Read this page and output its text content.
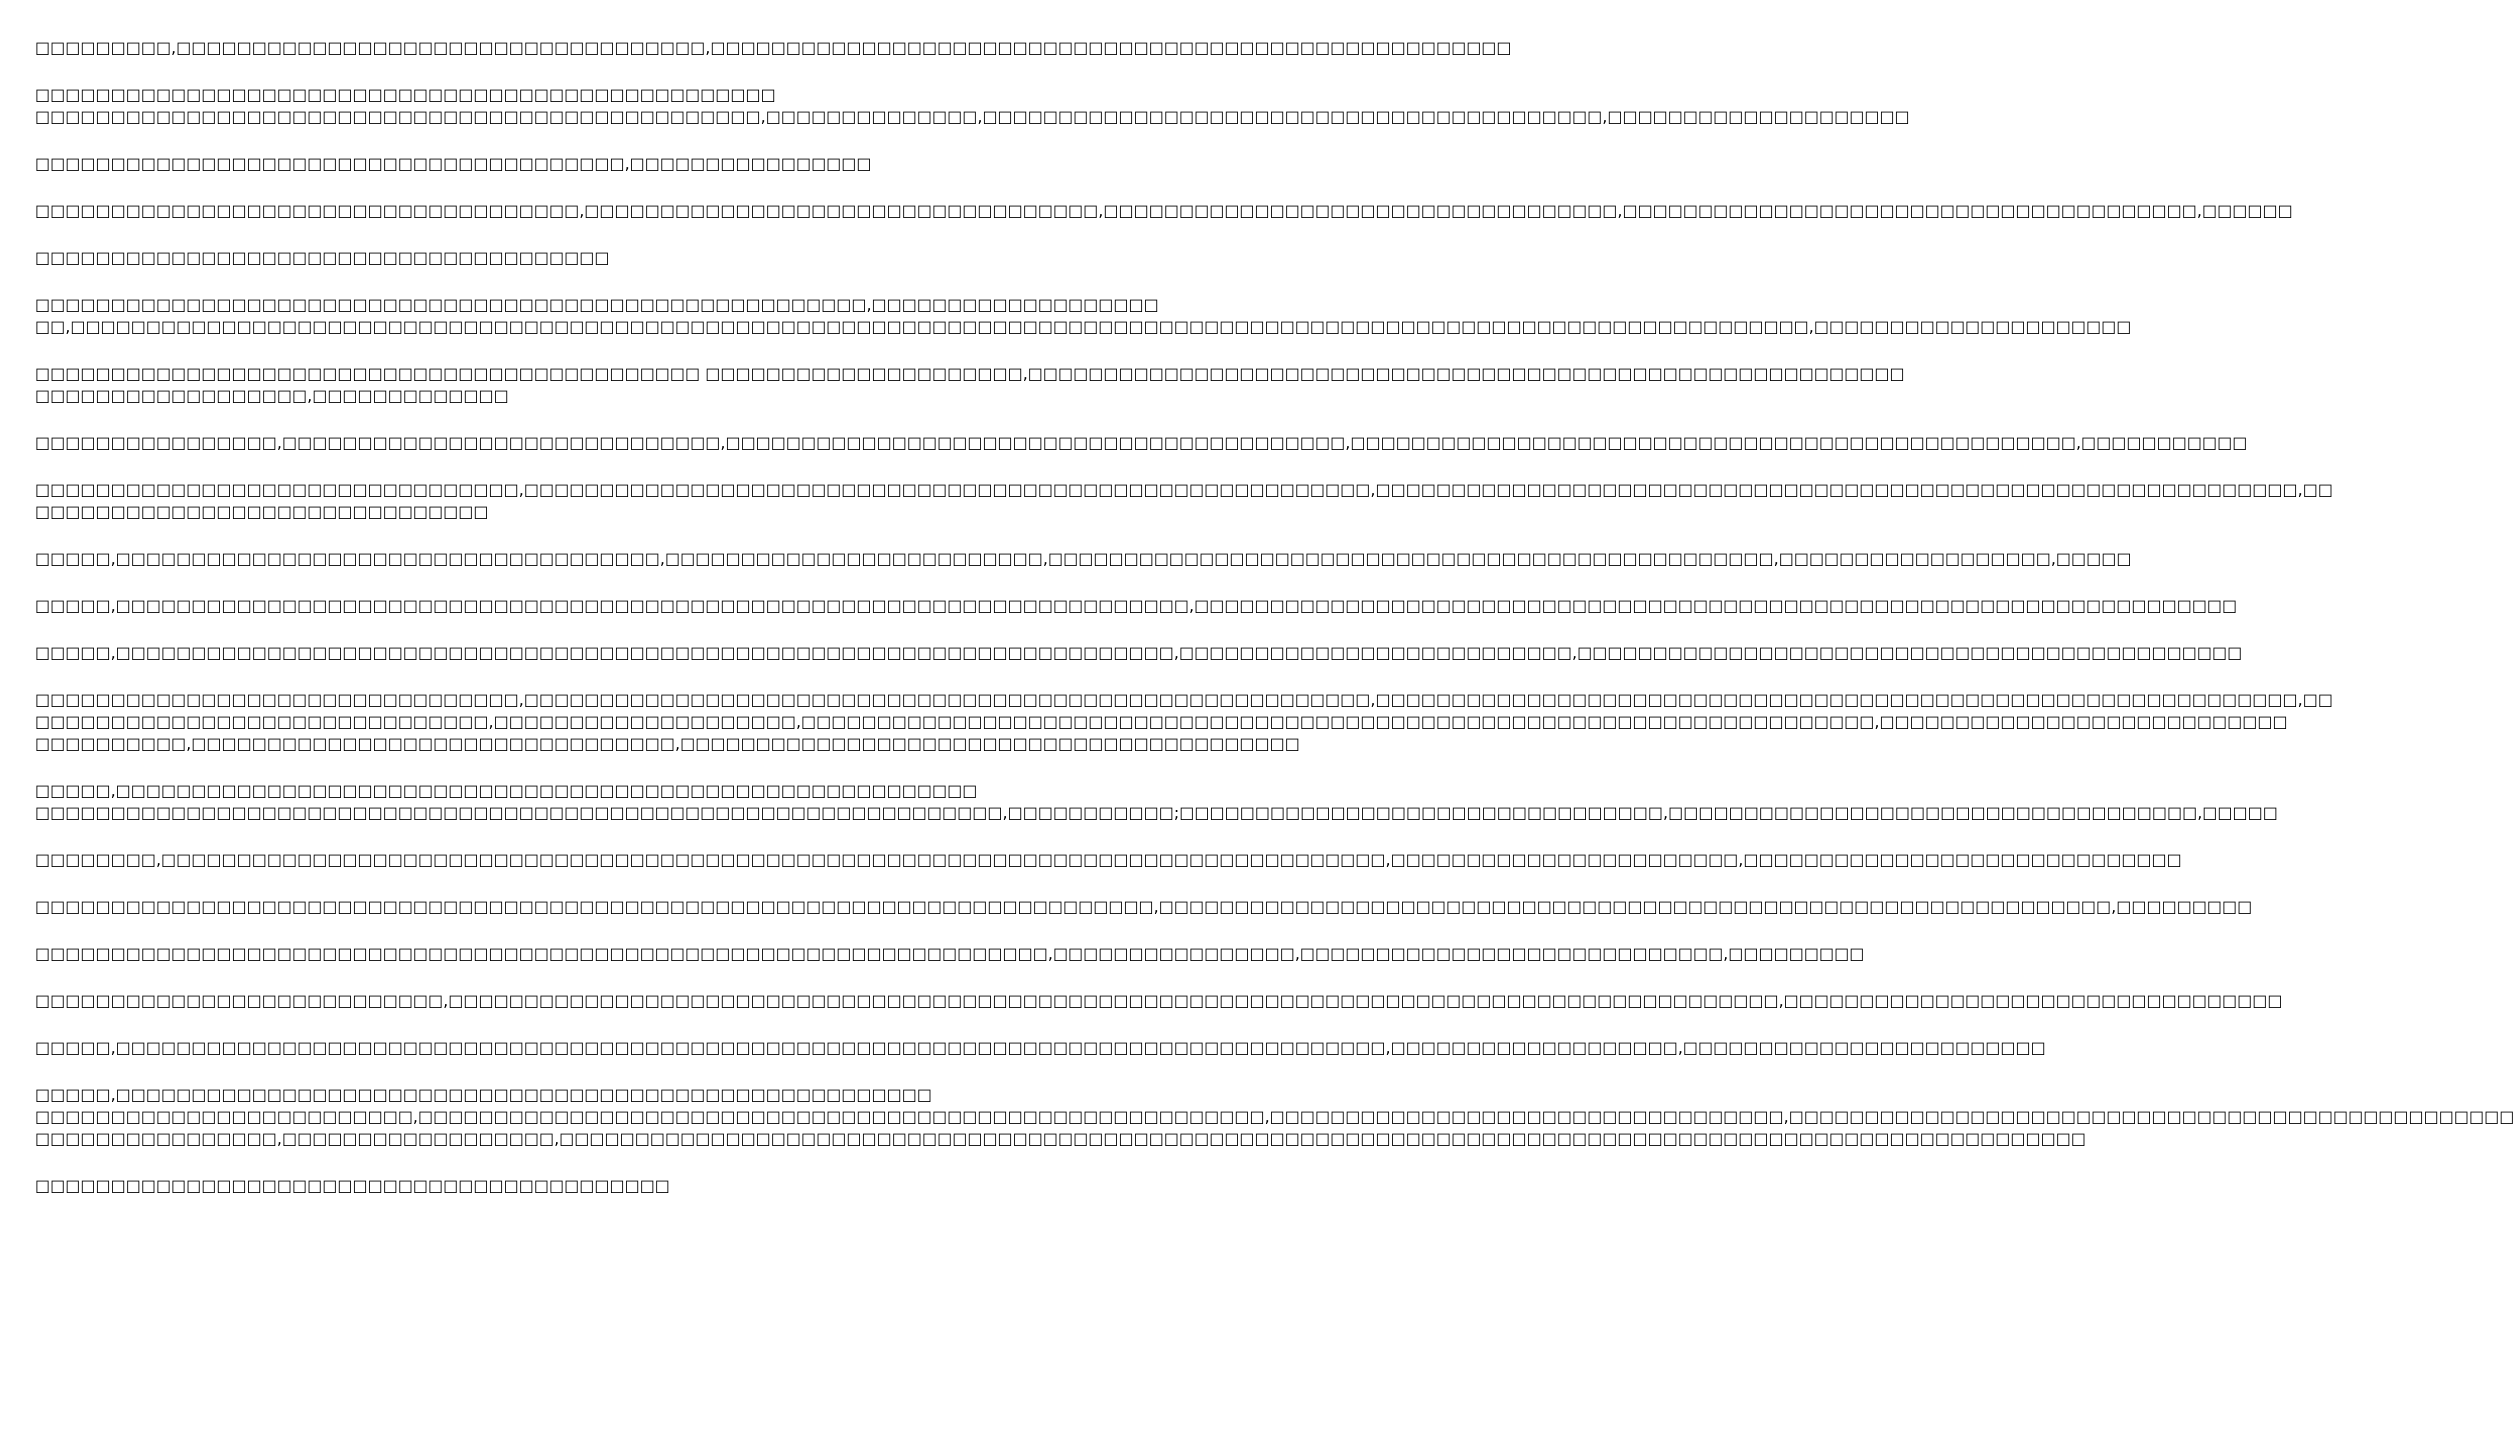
□□□□□□□□□,□□□□□□□□□□□□□□□□□□□□□□□□□□□□□□□□□□□,□□□□□□□□□□□□□□□□□□□□□□□□□□□□□□□□□□□□□□□□□□□□□□□□□□□□□
□□□□□□□□□□□□□□□□□□□□□□□□□□□□□□□□□□□□□□□□□□□□□□□□□
□□□□□□□□□□□□□□□□□□□□□□□□□□□□□□□□□□□□□□□□□□□□□□□□,□□□□□□□□□□□□□□,□□□□□□□□□□□□□□□□□□□□□□□□□□□□□□□□□□□□□□□□□,□□□□□□□□□□□□□□□□□□□□
□□□□□□□□□□□□□□□□□□□□□□□□□□□□□□□□□□□□□□□,□□□□□□□□□□□□□□□□
□□□□□□□□□□□□□□□□□□□□□□□□□□□□□□□□□□□□,□□□□□□□□□□□□□□□□□□□□□□□□□□□□□□□□□□,□□□□□□□□□□□□□□□□□□□□□□□□□□□□□□□□□□,□□□□□□□□□□□□□□□□□□□□□□□□□□□□□□□□□□□□□□,□□□□□□
□□□□□□□□□□□□□□□□□□□□□□□□□□□□□□□□□□□□□□
□□□□□□□□□□□□□□□□□□□□□□□□□□□□□□□□□□□□□□□□□□□□□□□□□□□□□□□,□□□□□□□□□□□□□□□□□□□
□□,□□□□□□□□□□□□□□□□□□□□□□□□□□□□□□□□□□□□□□□□□□□□□□□□□□□□□□□□□□□□□□□□□□□□□□□□□□□□□□□□□□□□□□□□□□□□□□□□□□□□□□□□□□□□□□□□□□□,□□□□□□□□□□□□□□□□□□□□□
□□□□□□□□□□□□□□□□□□□□□□□□□□□□□□□□□□□□□□□□□□□□ □□□□□□□□□□□□□□□□□□□□□,□□□□□□□□□□□□□□□□□□□□□□□□□□□□□□□□□□□□□□□□□□□□□□□□□□□□□□□□□□
□□□□□□□□□□□□□□□□□□,□□□□□□□□□□□□□
□□□□□□□□□□□□□□□□,□□□□□□□□□□□□□□□□□□□□□□□□□□□□□,□□□□□□□□□□□□□□□□□□□□□□□□□□□□□□□□□□□□□□□□□,□□□□□□□□□□□□□□□□□□□□□□□□□□□□□□□□□□□□□□□□□□□□□□□□,□□□□□□□□□□□
□□□□□□□□□□□□□□□□□□□□□□□□□□□□□□□□,□□□□□□□□□□□□□□□□□□□□□□□□□□□□□□□□□□□□□□□□□□□□□□□□□□□□□□□□,□□□□□□□□□□□□□□□□□□□□□□□□□□□□□□□□□□□□□□□□□□□□□□□□□□□□□□□□□□□□□,□□
□□□□□□□□□□□□□□□□□□□□□□□□□□□□□□
□□□□□,□□□□□□□□□□□□□□□□□□□□□□□□□□□□□□□□□□□□,□□□□□□□□□□□□□□□□□□□□□□□□□,□□□□□□□□□□□□□□□□□□□□□□□□□□□□□□□□□□□□□□□□□□□□□□□□,□□□□□□□□□□□□□□□□□□,□□□□□
□□□□□,□□□□□□□□□□□□□□□□□□□□□□□□□□□□□□□□□□□□□□□□□□□□□□□□□□□□□□□□□□□□□□□□□□□□□□□,□□□□□□□□□□□□□□□□□□□□□□□□□□□□□□□□□□□□□□□□□□□□□□□□□□□□□□□□□□□□□□□□□□□□□
□□□□□,□□□□□□□□□□□□□□□□□□□□□□□□□□□□□□□□□□□□□□□□□□□□□□□□□□□□□□□□□□□□□□□□□□□□□□,□□□□□□□□□□□□□□□□□□□□□□□□□□,□□□□□□□□□□□□□□□□□□□□□□□□□□□□□□□□□□□□□□□□□□□□
□□□□□□□□□□□□□□□□□□□□□□□□□□□□□□□□,□□□□□□□□□□□□□□□□□□□□□□□□□□□□□□□□□□□□□□□□□□□□□□□□□□□□□□□□,□□□□□□□□□□□□□□□□□□□□□□□□□□□□□□□□□□□□□□□□□□□□□□□□□□□□□□□□□□□□□,□□
□□□□□□□□□□□□□□□□□□□□□□□□□□□□□□,□□□□□□□□□□□□□□□□□□□□,□□□□□□□□□□□□□□□□□□□□□□□□□□□□□□□□□□□□□□□□□□□□□□□□□□□□□□□□□□□□□□□□□□□□□□□,□□□□□□□□□□□□□□□□□□□□□□□□□□□
□□□□□□□□□□,□□□□□□□□□□□□□□□□□□□□□□□□□□□□□□□□,□□□□□□□□□□□□□□□□□□□□□□□□□□□□□□□□□□□□□□□□□
□□□□□,□□□□□□□□□□□□□□□□□□□□□□□□□□□□□□□□□□□□□□□□□□□□□□□□□□□□□□□□□
□□□□□□□□□□□□□□□□□□□□□□□□□□□□□□□□□□□□□□□□□□□□□□□□□□□□□□□□□□□□□□□□,□□□□□□□□□□□;□□□□□□□□□□□□□□□□□□□□□□□□□□□□□□□□,□□□□□□□□□□□□□□□□□□□□□□□□□□□□□□□□□□□,□□□□□
□□□□□□□□,□□□□□□□□□□□□□□□□□□□□□□□□□□□□□□□□□□□□□□□□□□□□□□□□□□□□□□□□□□□□□□□□□□□□□□□□□□□□□□□□□,□□□□□□□□□□□□□□□□□□□□□□□,□□□□□□□□□□□□□□□□□□□□□□□□□□□□□
□□□□□□□□□□□□□□□□□□□□□□□□□□□□□□□□□□□□□□□□□□□□□□□□□□□□□□□□□□□□□□□□□□□□□□□□□□,□□□□□□□□□□□□□□□□□□□□□□□□□□□□□□□□□□□□□□□□□□□□□□□□□□□□□□□□□□□□□□□,□□□□□□□□□
□□□□□□□□□□□□□□□□□□□□□□□□□□□□□□□□□□□□□□□□□□□□□□□□□□□□□□□□□□□□□□□□□□□,□□□□□□□□□□□□□□□□,□□□□□□□□□□□□□□□□□□□□□□□□□□□□,□□□□□□□□□
□□□□□□□□□□□□□□□□□□□□□□□□□□□,□□□□□□□□□□□□□□□□□□□□□□□□□□□□□□□□□□□□□□□□□□□□□□□□□□□□□□□□□□□□□□□□□□□□□□□□□□□□□□□□□□□□□□□□,□□□□□□□□□□□□□□□□□□□□□□□□□□□□□□□□□
□□□□□,□□□□□□□□□□□□□□□□□□□□□□□□□□□□□□□□□□□□□□□□□□□□□□□□□□□□□□□□□□□□□□□□□□□□□□□□□□□□□□□□□□□□,□□□□□□□□□□□□□□□□□□□,□□□□□□□□□□□□□□□□□□□□□□□□
□□□□□,□□□□□□□□□□□□□□□□□□□□□□□□□□□□□□□□□□□□□□□□□□□□□□□□□□□□□□
□□□□□□□□□□□□□□□□□□□□□□□□□,□□□□□□□□□□□□□□□□□□□□□□□□□□□□□□□□□□□□□□□□□□□□□□□□□□□□□□□□,□□□□□□□□□□□□□□□□□□□□□□□□□□□□□□□□□□,□□□□□□□□□□□□□□□□□□□□□□□□□□□□□□□□□□□□□□□□□□□□□□□□
□□□□□□□□□□□□□□□□,□□□□□□□□□□□□□□□□□□,□□□□□□□□□□□□□□□□□□□□□□□□□□□□□□□□□□□□□□□□□□□□□□□□□□□□□□□□□□□□□□□□□□□□□□□□□□□□□□□□□□□□□□□□□□□□□□□□□□□□□
□□□□□□□□□□□□□□□□□□□□□□□□□□□□□□□□□□□□□□□□□□
